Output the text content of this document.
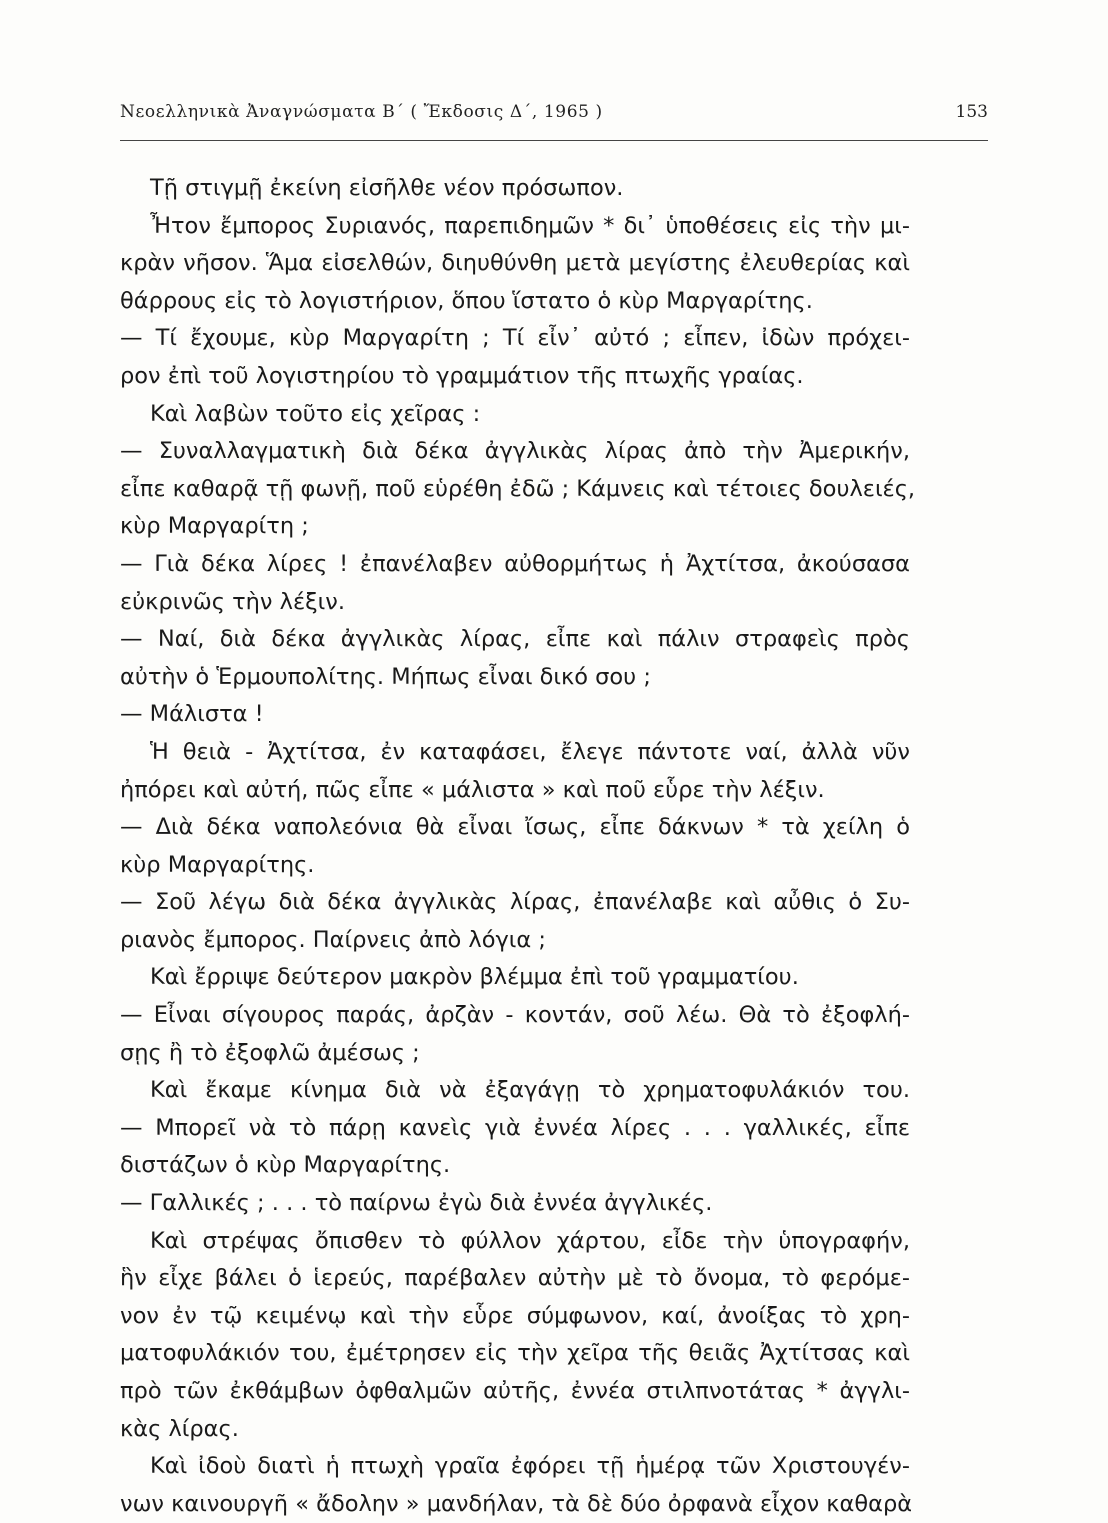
Νεοελληνικὰ Ἀναγνώσματα Β΄ ( Ἔκδοσις Δ΄, 1965 )	153
Τῇ στιγμῇ ἐκείνη εἰσῆλθε νέον πρόσωπον.
Ἦτον ἔμπορος Συριανός, παρεπιδημῶν * δι᾽ ὑποθέσεις εἰς τὴν μι-
κρὰν νῆσον. Ἅμα εἰσελθών, διηυθύνθη μετὰ μεγίστης ἐλευθερίας καὶ
θάρρους εἰς τὸ λογιστήριον, ὅπου ἵστατο ὁ κὺρ Μαργαρίτης.
— Τί ἔχουμε, κὺρ Μαργαρίτη ; Τί εἶν᾽ αὐτό ; εἶπεν, ἰδὼν πρόχει-
ρον ἐπὶ τοῦ λογιστηρίου τὸ γραμμάτιον τῆς πτωχῆς γραίας.
Καὶ λαβὼν τοῦτο εἰς χεῖρας :
— Συναλλαγματικὴ διὰ δέκα ἀγγλικὰς λίρας ἀπὸ τὴν Ἀμερικήν,
εἶπε καθαρᾷ τῇ φωνῇ, ποῦ εὑρέθη ἐδῶ ; Κάμνεις καὶ τέτοιες δουλειές,
κὺρ Μαργαρίτη ;
— Γιὰ δέκα λίρες ! ἐπανέλαβεν αὐθορμήτως ἡ Ἀχτίτσα, ἀκούσασα
εὐκρινῶς τὴν λέξιν.
— Ναί, διὰ δέκα ἀγγλικὰς λίρας, εἶπε καὶ πάλιν στραφεὶς πρὸς
αὐτὴν ὁ Ἑρμουπολίτης. Μήπως εἶναι δικό σου ;
— Μάλιστα !
Ἡ θειὰ - Ἀχτίτσα, ἐν καταφάσει, ἔλεγε πάντοτε ναί, ἀλλὰ νῦν
ἠπόρει καὶ αὐτή, πῶς εἶπε « μάλιστα » καὶ ποῦ εὗρε τὴν λέξιν.
— Διὰ δέκα ναπολεόνια θὰ εἶναι ἴσως, εἶπε δάκνων * τὰ χείλη ὁ
κὺρ Μαργαρίτης.
— Σοῦ λέγω διὰ δέκα ἀγγλικὰς λίρας, ἐπανέλαβε καὶ αὖθις ὁ Συ-
ριανὸς ἔμπορος. Παίρνεις ἀπὸ λόγια ;
Καὶ ἔρριψε δεύτερον μακρὸν βλέμμα ἐπὶ τοῦ γραμματίου.
— Εἶναι σίγουρος παράς, ἀρζὰν - κοντάν, σοῦ λέω. Θὰ τὸ ἐξοφλή-
σῃς ἢ τὸ ἐξοφλῶ ἀμέσως ;
Καὶ ἔκαμε κίνημα διὰ νὰ ἐξαγάγῃ τὸ χρηματοφυλάκιόν του.
— Μπορεῖ νὰ τὸ πάρῃ κανεὶς γιὰ ἐννέα λίρες . . . γαλλικές, εἶπε
διστάζων ὁ κὺρ Μαργαρίτης.
— Γαλλικές ; . . . τὸ παίρνω ἐγὼ διὰ ἐννέα ἀγγλικές.
Καὶ στρέψας ὄπισθεν τὸ φύλλον χάρτου, εἶδε τὴν ὑπογραφήν,
ἣν εἶχε βάλει ὁ ἱερεύς, παρέβαλεν αὐτὴν μὲ τὸ ὄνομα, τὸ φερόμε-
νον ἐν τῷ κειμένῳ καὶ τὴν εὗρε σύμφωνον, καί, ἀνοίξας τὸ χρη-
ματοφυλάκιόν του, ἐμέτρησεν εἰς τὴν χεῖρα τῆς θειᾶς Ἀχτίτσας καὶ
πρὸ τῶν ἐκθάμβων ὀφθαλμῶν αὐτῆς, ἐννέα στιλπνοτάτας * ἀγγλι-
κὰς λίρας.
Καὶ ἰδοὺ διατὶ ἡ πτωχὴ γραῖα ἐφόρει τῇ ἡμέρᾳ τῶν Χριστουγέν-
νων καινουργῆ « ἄδολην » μανδήλαν, τὰ δὲ δύο ὀρφανὰ εἶχον καθαρὰ
